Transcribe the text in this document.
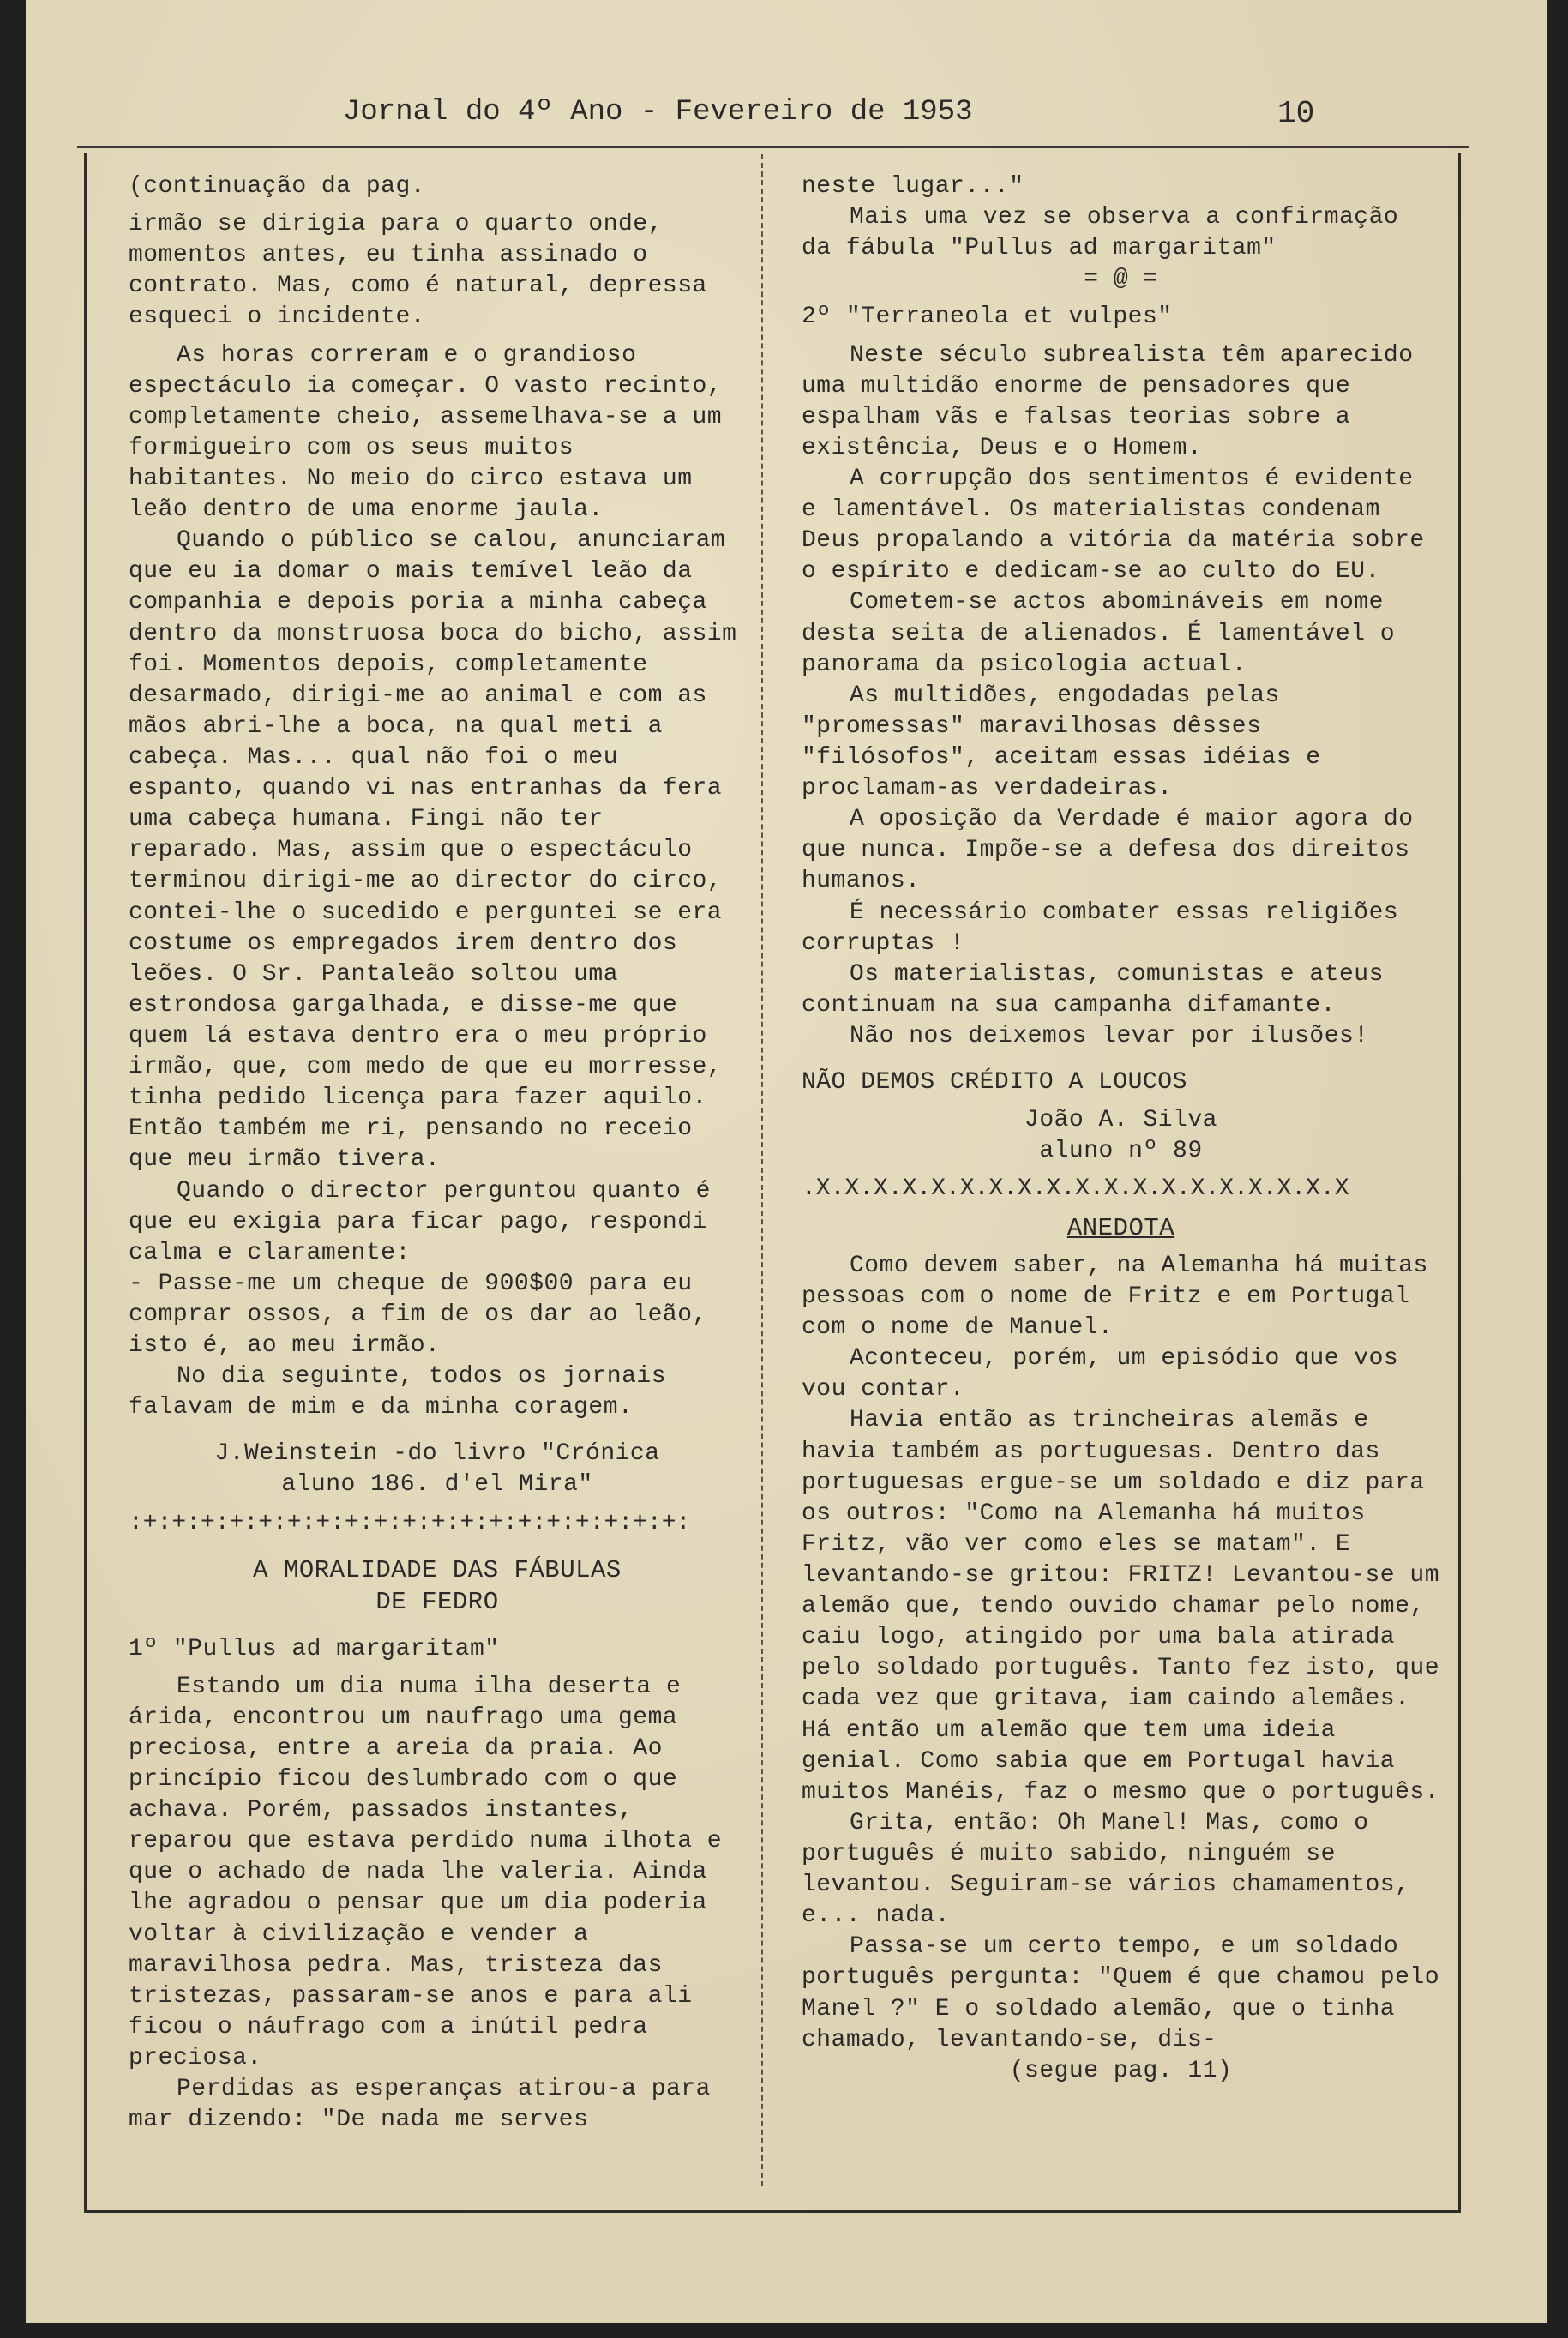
Jornal do 4º Ano - Fevereiro de 1953	10

(continuação da pag.

irmão se dirigia para o quarto onde, momentos antes, eu tinha assinado o contrato. Mas, como é natural, depressa esqueci o incidente.

As horas correram e o grandioso espectáculo ia começar. O vasto recinto, completamente cheio, assemelhava-se a um formigueiro com os seus muitos habitantes. No meio do circo estava um leão dentro de uma enorme jaula.

Quando o público se calou, anunciaram que eu ia domar o mais temível leão da companhia e depois poria a minha cabeça dentro da monstruosa boca do bicho, assim foi. Momentos depois, completamente desarmado, dirigi-me ao animal e com as mãos abri-lhe a boca, na qual meti a cabeça. Mas... qual não foi o meu espanto, quando vi nas entranhas da fera uma cabeça humana. Fingi não ter reparado. Mas, assim que o espectáculo terminou dirigi-me ao director do circo, contei-lhe o sucedido e perguntei se era costume os empregados irem dentro dos leões. O Sr. Pantaleão soltou uma estrondosa gargalhada, e disse-me que quem lá estava dentro era o meu próprio irmão, que, com medo de que eu morresse, tinha pedido licença para fazer aquilo. Então também me ri, pensando no receio que meu irmão tivera.

Quando o director perguntou quanto é que eu exigia para ficar pago, respondi calma e claramente:

- Passe-me um cheque de 900$00 para eu comprar ossos, a fim de os dar ao leão, isto é, ao meu irmão.

No dia seguinte, todos os jornais falavam de mim e da minha coragem.

J.Weinstein -do livro "Crónica

aluno 186. d'el Mira"

:+:+:+:+:+:+:+:+:+:+:+:+:+:+:+:+:+:+:+:

A MORALIDADE DAS FÁBULAS

DE FEDRO

1º "Pullus ad margaritam"

Estando um dia numa ilha deserta e árida, encontrou um naufrago uma gema preciosa, entre a areia da praia. Ao princípio ficou deslumbrado com o que achava. Porém, passados instantes, reparou que estava perdido numa ilhota e que o achado de nada lhe valeria. Ainda lhe agradou o pensar que um dia poderia voltar à civilização e vender a maravilhosa pedra. Mas, tristeza das tristezas, passaram-se anos e para ali ficou o náufrago com a inútil pedra preciosa.

Perdidas as esperanças atirou-a para mar dizendo: "De nada me serves

neste lugar..."

Mais uma vez se observa a confirmação da fábula "Pullus ad margaritam"

= @ =

2º "Terraneola et vulpes"

Neste século subrealista têm aparecido uma multidão enorme de pensadores que espalham vãs e falsas teorias sobre a existência, Deus e o Homem.

A corrupção dos sentimentos é evidente e lamentável. Os materialistas condenam Deus propalando a vitória da matéria sobre o espírito e dedicam-se ao culto do EU.

Cometem-se actos abomináveis em nome desta seita de alienados. É lamentável o panorama da psicologia actual.

As multidões, engodadas pelas "promessas" maravilhosas dêsses "filósofos", aceitam essas idéias e proclamam-as verdadeiras.

A oposição da Verdade é maior agora do que nunca. Impõe-se a defesa dos direitos humanos.

É necessário combater essas religiões corruptas !

Os materialistas, comunistas e ateus continuam na sua campanha difamante.

Não nos deixemos levar por ilusões!

NÃO DEMOS CRÉDITO A LOUCOS

João A. Silva

aluno nº 89

.X.X.X.X.X.X.X.X.X.X.X.X.X.X.X.X.X.X.X

ANEDOTA

Como devem saber, na Alemanha há muitas pessoas com o nome de Fritz e em Portugal com o nome de Manuel.

Aconteceu, porém, um episódio que vos vou contar.

Havia então as trincheiras alemãs e havia também as portuguesas. Dentro das portuguesas ergue-se um soldado e diz para os outros: "Como na Alemanha há muitos Fritz, vão ver como eles se matam". E levantando-se gritou: FRITZ! Levantou-se um alemão que, tendo ouvido chamar pelo nome, caiu logo, atingido por uma bala atirada pelo soldado português. Tanto fez isto, que cada vez que gritava, iam caindo alemães. Há então um alemão que tem uma ideia genial. Como sabia que em Portugal havia muitos Manéis, faz o mesmo que o português.

Grita, então: Oh Manel! Mas, como o português é muito sabido, ninguém se levantou. Seguiram-se vários chamamentos, e... nada.

Passa-se um certo tempo, e um soldado português pergunta: "Quem é que chamou pelo Manel ?" E o soldado alemão, que o tinha chamado, levantando-se, dis-

(segue pag. 11)
